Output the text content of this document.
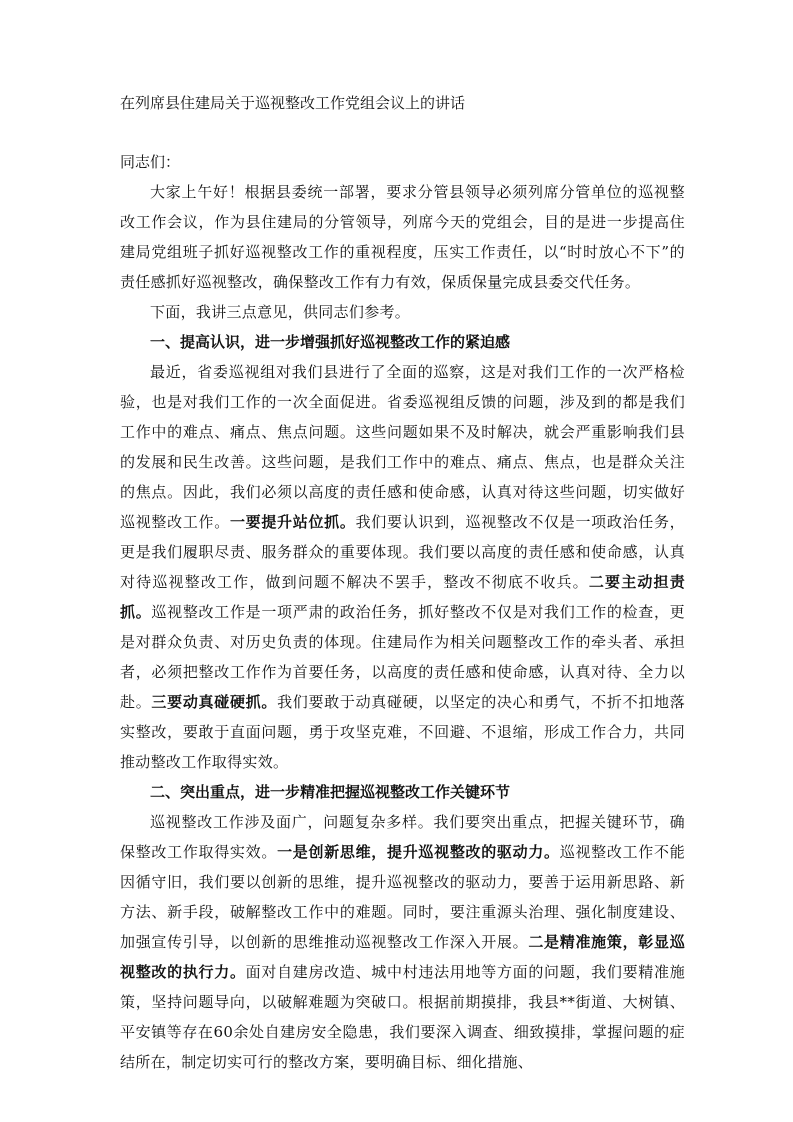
在列席县住建局关于巡视整改工作党组会议上的讲话

同志们：

大家上午好！根据县委统一部署，要求分管县领导必须列席分管单位的巡视整改工作会议，作为县住建局的分管领导，列席今天的党组会，目的是进一步提高住建局党组班子抓好巡视整改工作的重视程度，压实工作责任，以“时时放心不下”的责任感抓好巡视整改，确保整改工作有力有效，保质保量完成县委交代任务。

下面，我讲三点意见，供同志们参考。

一、提高认识，进一步增强抓好巡视整改工作的紧迫感

最近，省委巡视组对我们县进行了全面的巡察，这是对我们工作的一次严格检验，也是对我们工作的一次全面促进。省委巡视组反馈的问题，涉及到的都是我们工作中的难点、痛点、焦点问题。这些问题如果不及时解决，就会严重影响我们县的发展和民生改善。这些问题，是我们工作中的难点、痛点、焦点，也是群众关注的焦点。因此，我们必须以高度的责任感和使命感，认真对待这些问题，切实做好巡视整改工作。一要提升站位抓。我们要认识到，巡视整改不仅是一项政治任务，更是我们履职尽责、服务群众的重要体现。我们要以高度的责任感和使命感，认真对待巡视整改工作，做到问题不解决不罢手，整改不彻底不收兵。二要主动担责抓。巡视整改工作是一项严肃的政治任务，抓好整改不仅是对我们工作的检查，更是对群众负责、对历史负责的体现。住建局作为相关问题整改工作的牵头者、承担者，必须把整改工作作为首要任务，以高度的责任感和使命感，认真对待、全力以赴。三要动真碰硬抓。我们要敢于动真碰硬，以坚定的决心和勇气，不折不扣地落实整改，要敢于直面问题，勇于攻坚克难，不回避、不退缩，形成工作合力，共同推动整改工作取得实效。

二、突出重点，进一步精准把握巡视整改工作关键环节

巡视整改工作涉及面广，问题复杂多样。我们要突出重点，把握关键环节，确保整改工作取得实效。一是创新思维，提升巡视整改的驱动力。巡视整改工作不能因循守旧，我们要以创新的思维，提升巡视整改的驱动力，要善于运用新思路、新方法、新手段，破解整改工作中的难题。同时，要注重源头治理、强化制度建设、加强宣传引导，以创新的思维推动巡视整改工作深入开展。二是精准施策，彰显巡视整改的执行力。面对自建房改造、城中村违法用地等方面的问题，我们要精准施策，坚持问题导向，以破解难题为突破口。根据前期摸排，我县**街道、大树镇、平安镇等存在60余处自建房安全隐患，我们要深入调查、细致摸排，掌握问题的症结所在，制定切实可行的整改方案，要明确目标、细化措施、
